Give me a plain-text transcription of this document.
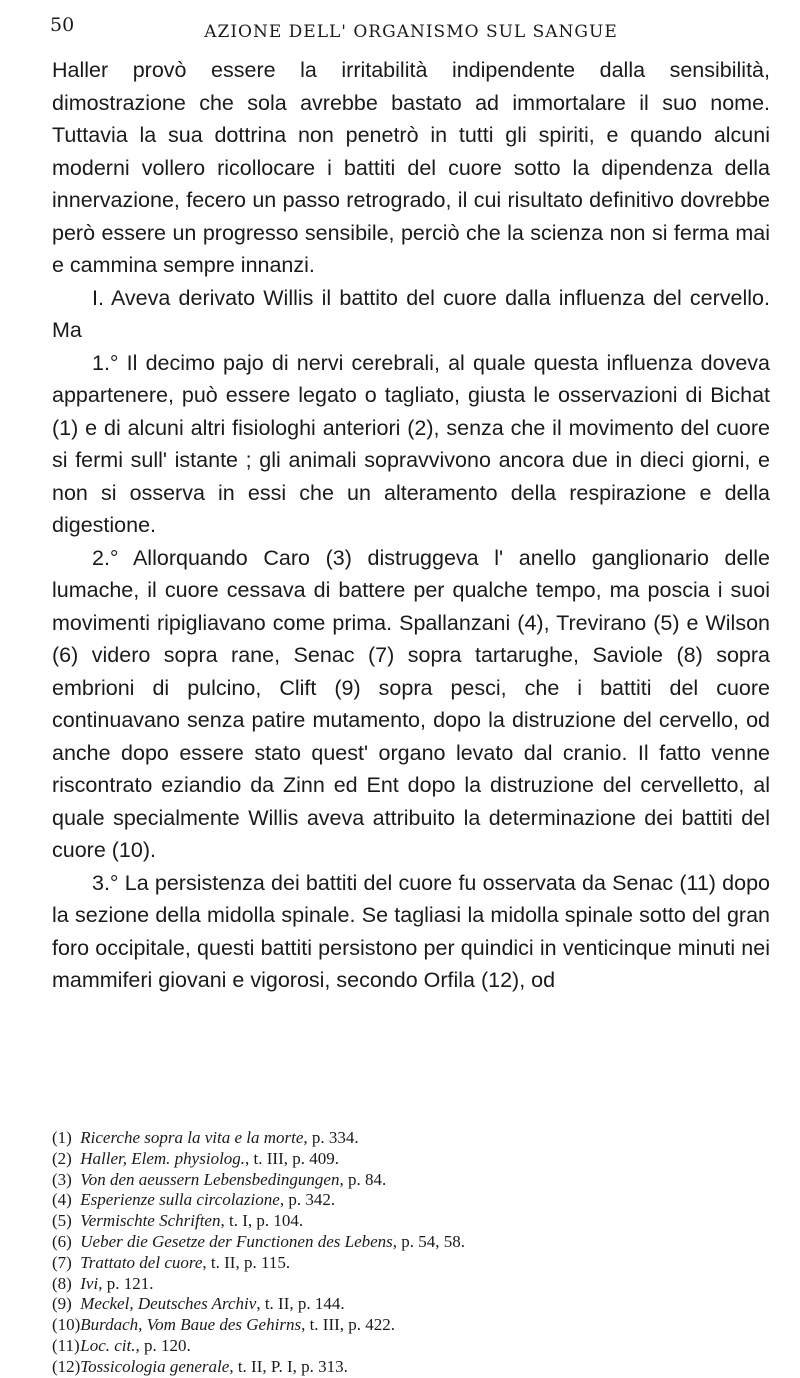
50	AZIONE DELL' ORGANISMO SUL SANGUE

Haller provò essere la irritabilità indipendente dalla sensibilità, dimostrazione che sola avrebbe bastato ad immortalare il suo nome. Tuttavia la sua dottrina non penetrò in tutti gli spiriti, e quando alcuni moderni vollero ricollocare i battiti del cuore sotto la dipendenza della innervazione, fecero un passo retrogrado, il cui risultato definitivo dovrebbe però essere un progresso sensibile, perciò che la scienza non si ferma mai e cammina sempre innanzi.

I. Aveva derivato Willis il battito del cuore dalla influenza del cervello. Ma

1.° Il decimo pajo di nervi cerebrali, al quale questa influenza doveva appartenere, può essere legato o tagliato, giusta le osservazioni di Bichat (1) e di alcuni altri fisiologhi anteriori (2), senza che il movimento del cuore si fermi sull' istante ; gli animali sopravvivono ancora due in dieci giorni, e non si osserva in essi che un alteramento della respirazione e della digestione.

2.° Allorquando Caro (3) distruggeva l' anello ganglionario delle lumache, il cuore cessava di battere per qualche tempo, ma poscia i suoi movimenti ripigliavano come prima. Spallanzani (4), Treviranо (5) e Wilson (6) videro sopra rane, Senac (7) sopra tartarughe, Saviole (8) sopra embrioni di pulcino, Clift (9) sopra pesci, che i battiti del cuore continuavano senza patire mutamento, dopo la distruzione del cervello, od anche dopo essere stato quest' organo levato dal cranio. Il fatto venne riscontrato eziandio da Zinn ed Ent dopo la distruzione del cervelletto, al quale specialmente Willis aveva attribuito la determinazione dei battiti del cuore (10).

3.° La persistenza dei battiti del cuore fu osservata da Senac (11) dopo la sezione della midolla spinale. Se tagliasi la midolla spinale sotto del gran foro occipitale, questi battiti persistono per quindici in venticinque minuti nei mammiferi giovani e vigorosi, secondo Orfila (12), od

(1) Ricerche sopra la vita e la morte, p. 334.
(2) Haller, Elem. physiolog., t. III, p. 409.
(3) Von den aeussern Lebensbedingungen, p. 84.
(4) Esperienze sulla circolazione, p. 342.
(5) Vermischte Schriften, t. I, p. 104.
(6) Ueber die Gesetze der Functionen des Lebens, p. 54, 58.
(7) Trattato del cuore, t. II, p. 115.
(8) Ivi, p. 121.
(9) Meckel, Deutsches Archiv, t. II, p. 144.
(10) Burdach, Vom Baue des Gehirns, t. III, p. 422.
(11) Loc. cit., p. 120.
(12) Tossicologia generale, t. II, P. I, p. 313.
